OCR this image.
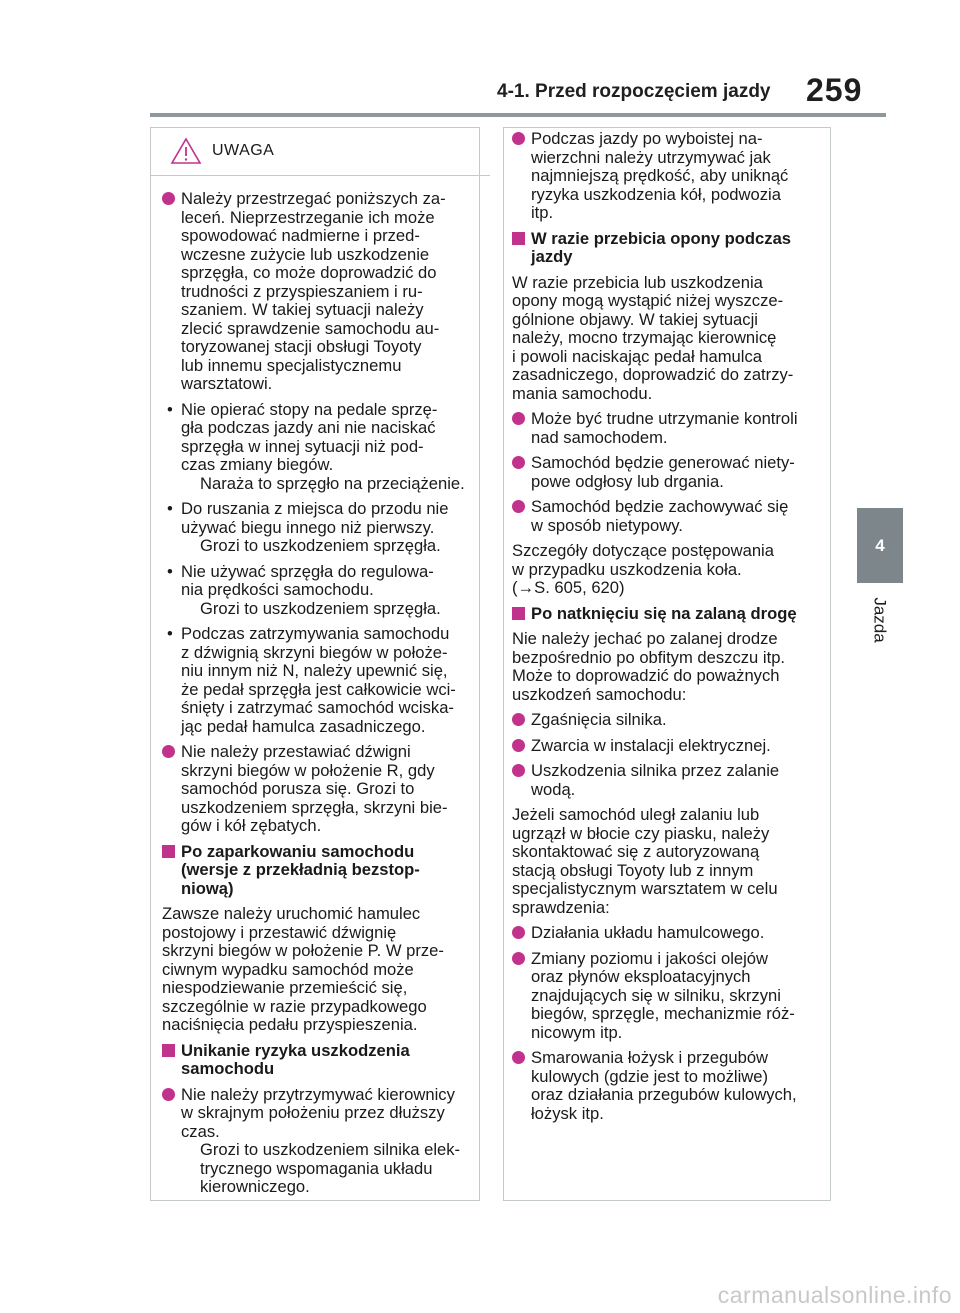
4-1. Przed rozpoczęciem jazdy 259
4
Jazda
UWAGA
Należy przestrzegać poniższych za-
leceń. Nieprzestrzeganie ich może
spowodować nadmierne i przed-
wczesne zużycie lub uszkodzenie
sprzęgła, co może doprowadzić do
trudności z przyspieszaniem i ru-
szaniem. W takiej sytuacji należy
zlecić sprawdzenie samochodu au-
toryzowanej stacji obsługi Toyoty
lub innemu specjalistycznemu
warsztatowi.
• Nie opierać stopy na pedale sprzę-
gła podczas jazdy ani nie naciskać
sprzęgła w innej sytuacji niż pod-
czas zmiany biegów.
Naraża to sprzęgło na przeciążenie.
• Do ruszania z miejsca do przodu nie
używać biegu innego niż pierwszy.
Grozi to uszkodzeniem sprzęgła.
• Nie używać sprzęgła do regulowa-
nia prędkości samochodu.
Grozi to uszkodzeniem sprzęgła.
• Podczas zatrzymywania samochodu
z dźwignią skrzyni biegów w położe-
niu innym niż N, należy upewnić się,
że pedał sprzęgła jest całkowicie wci-
śnięty i zatrzymać samochód wciska-
jąc pedał hamulca zasadniczego.
Nie należy przestawiać dźwigni
skrzyni biegów w położenie R, gdy
samochód porusza się. Grozi to
uszkodzeniem sprzęgła, skrzyni bie-
gów i kół zębatych.
Po zaparkowaniu samochodu
(wersje z przekładnią bezstop-
niową)
Zawsze należy uruchomić hamulec
postojowy i przestawić dźwignię
skrzyni biegów w położenie P. W prze-
ciwnym wypadku samochód może
niespodziewanie przemieścić się,
szczególnie w razie przypadkowego
naciśnięcia pedału przyspieszenia.
Unikanie ryzyka uszkodzenia
samochodu
Nie należy przytrzymywać kierownicy
w skrajnym położeniu przez dłuższy
czas.
Grozi to uszkodzeniem silnika elek-
trycznego wspomagania układu
kierowniczego.
Podczas jazdy po wyboistej na-
wierzchni należy utrzymywać jak
najmniejszą prędkość, aby uniknąć
ryzyka uszkodzenia kół, podwozia
itp.
W razie przebicia opony podczas
jazdy
W razie przebicia lub uszkodzenia
opony mogą wystąpić niżej wyszcze-
gólnione objawy. W takiej sytuacji
należy, mocno trzymając kierownicę
i powoli naciskając pedał hamulca
zasadniczego, doprowadzić do zatrzy-
mania samochodu.
Może być trudne utrzymanie kontroli
nad samochodem.
Samochód będzie generować niety-
powe odgłosy lub drgania.
Samochód będzie zachowywać się
w sposób nietypowy.
Szczegóły dotyczące postępowania
w przypadku uszkodzenia koła.
(→S. 605, 620)
Po natknięciu się na zalaną drogę
Nie należy jechać po zalanej drodze
bezpośrednio po obfitym deszczu itp.
Może to doprowadzić do poważnych
uszkodzeń samochodu:
Zgaśnięcia silnika.
Zwarcia w instalacji elektrycznej.
Uszkodzenia silnika przez zalanie
wodą.
Jeżeli samochód uległ zalaniu lub
ugrzązł w błocie czy piasku, należy
skontaktować się z autoryzowaną
stacją obsługi Toyoty lub z innym
specjalistycznym warsztatem w celu
sprawdzenia:
Działania układu hamulcowego.
Zmiany poziomu i jakości olejów
oraz płynów eksploatacyjnych
znajdujących się w silniku, skrzyni
biegów, sprzęgle, mechanizmie róż-
nicowym itp.
Smarowania łożysk i przegubów
kulowych (gdzie jest to możliwe)
oraz działania przegubów kulowych,
łożysk itp.
carmanualsonline.info
